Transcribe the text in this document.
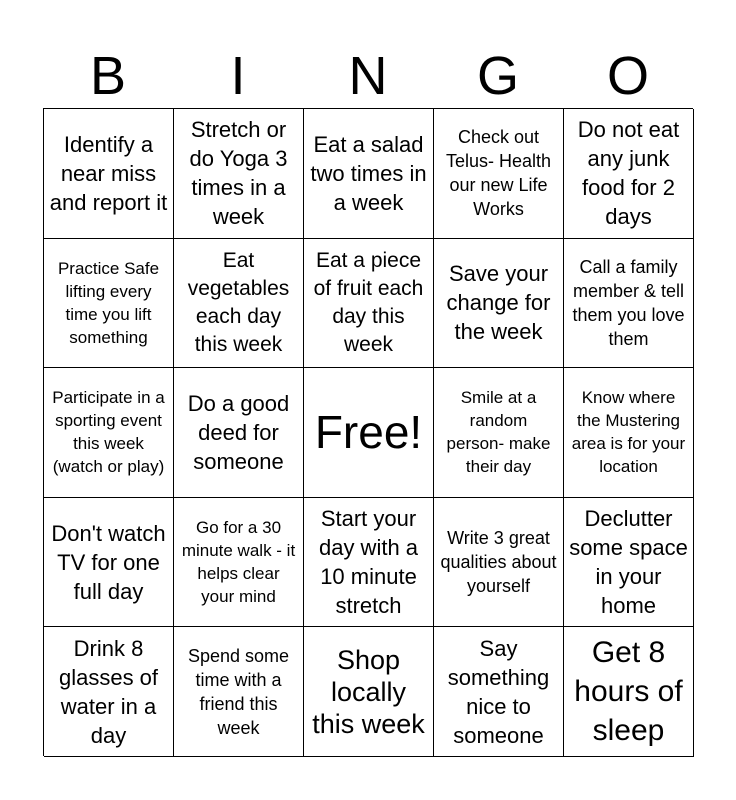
B	I	N	G	O
Identify a near miss and report it
Stretch or do Yoga 3 times in a week
Eat a salad two times in a week
Check out Telus- Health our new Life Works
Do not eat any junk food for 2 days
Practice Safe lifting every time you lift something
Eat vegetables each day this week
Eat a piece of fruit each day this week
Save your change for the week
Call a family member & tell them you love them
Participate in a sporting event this week (watch or play)
Do a good deed for someone
Free!
Smile at a random person- make their day
Know where the Mustering area is for your location
Don't watch TV for one full day
Go for a 30 minute walk - it helps clear your mind
Start your day with a 10 minute stretch
Write 3 great qualities about yourself
Declutter some space in your home
Drink 8 glasses of water in a day
Spend some time with a friend this week
Shop locally this week
Say something nice to someone
Get 8 hours of sleep
